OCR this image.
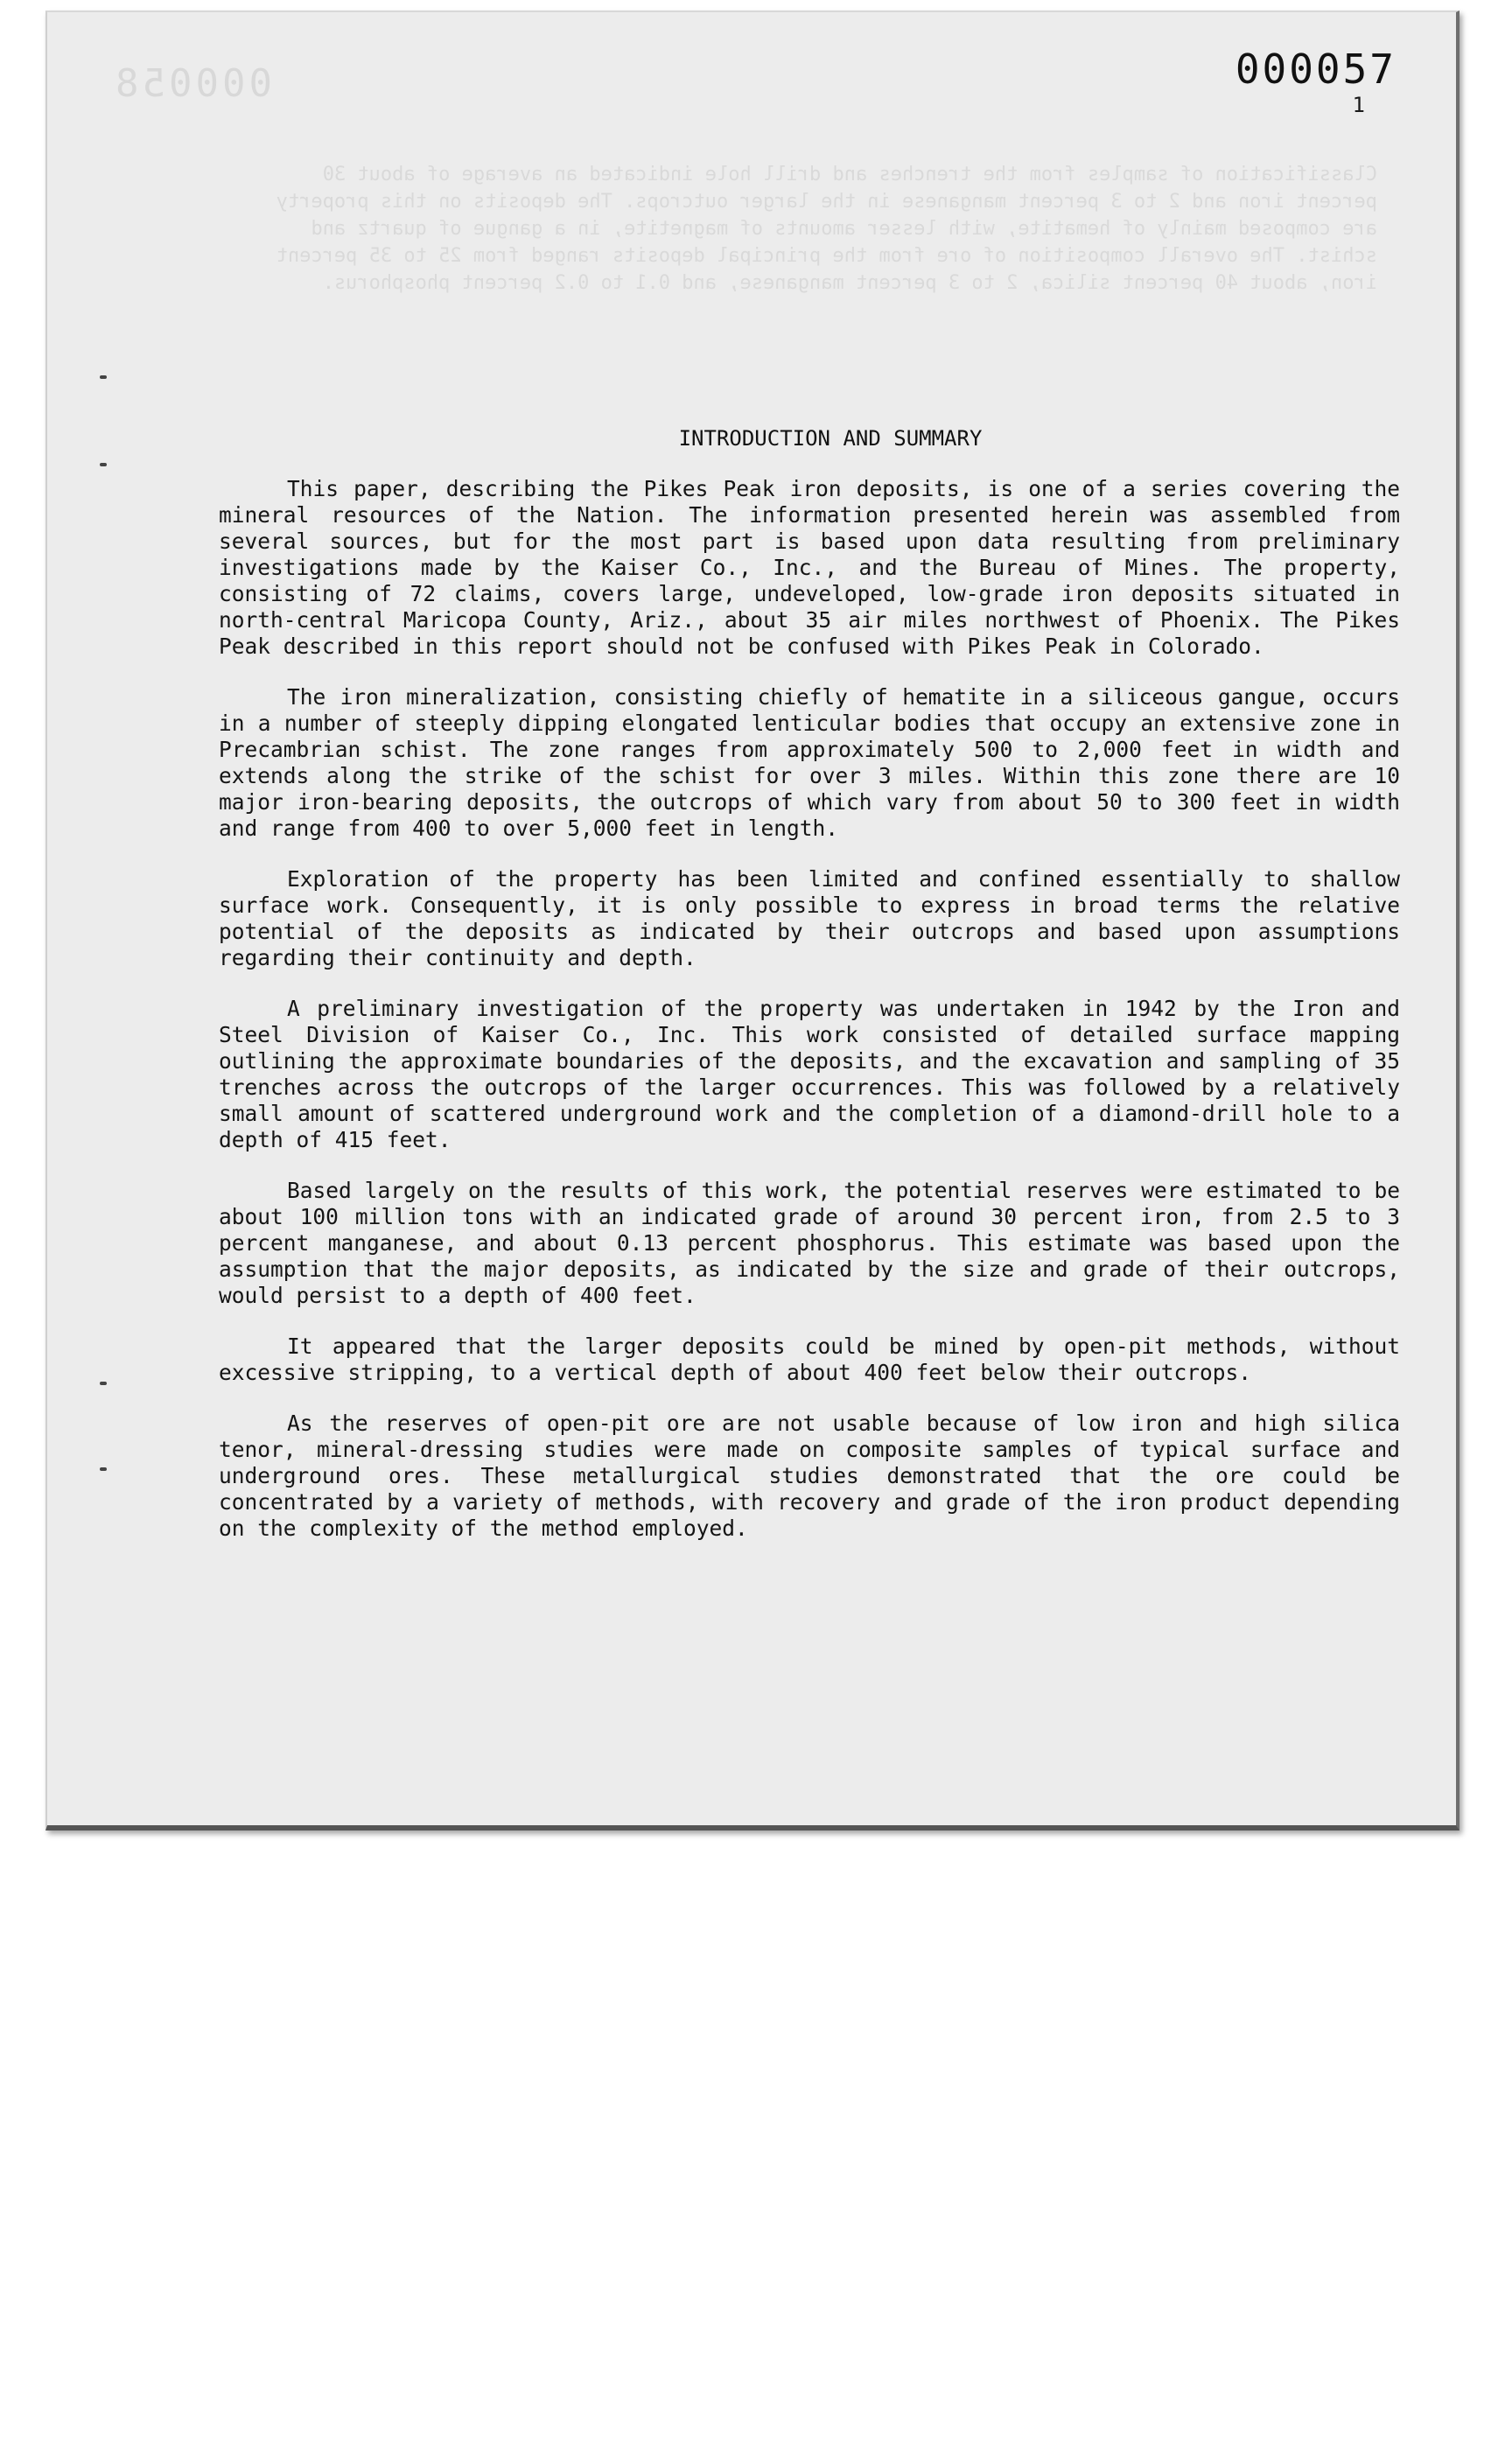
000058
Classification of samples from the trenches and drill hole indicated an average of about 30 percent iron and 2 to 3 percent manganese in the larger outcrops. The deposits on this property are composed mainly of hematite, with lesser amounts of magnetite, in a gangue of quartz and schist. The overall composition of ore from the principal deposits ranged from 25 to 35 percent iron, about 40 percent silica, 2 to 3 percent manganese, and 0.1 to 0.2 percent phosphorus.
000057
1
INTRODUCTION AND SUMMARY

This paper, describing the Pikes Peak iron deposits, is one of a series covering the mineral resources of the Nation. The information presented herein was assembled from several sources, but for the most part is based upon data resulting from preliminary investigations made by the Kaiser Co., Inc., and the Bureau of Mines. The property, consisting of 72 claims, covers large, undeveloped, low-grade iron deposits situated in north-central Maricopa County, Ariz., about 35 air miles northwest of Phoenix. The Pikes Peak described in this report should not be confused with Pikes Peak in Colorado.

The iron mineralization, consisting chiefly of hematite in a siliceous gangue, occurs in a number of steeply dipping elongated lenticular bodies that occupy an extensive zone in Precambrian schist. The zone ranges from approximately 500 to 2,000 feet in width and extends along the strike of the schist for over 3 miles. Within this zone there are 10 major iron-bearing deposits, the outcrops of which vary from about 50 to 300 feet in width and range from 400 to over 5,000 feet in length.

Exploration of the property has been limited and confined essentially to shallow surface work. Consequently, it is only possible to express in broad terms the relative potential of the deposits as indicated by their outcrops and based upon assumptions regarding their continuity and depth.

A preliminary investigation of the property was undertaken in 1942 by the Iron and Steel Division of Kaiser Co., Inc. This work consisted of detailed surface mapping outlining the approximate boundaries of the deposits, and the excavation and sampling of 35 trenches across the outcrops of the larger occurrences. This was followed by a relatively small amount of scattered underground work and the completion of a diamond-drill hole to a depth of 415 feet.

Based largely on the results of this work, the potential reserves were estimated to be about 100 million tons with an indicated grade of around 30 percent iron, from 2.5 to 3 percent manganese, and about 0.13 percent phosphorus. This estimate was based upon the assumption that the major deposits, as indicated by the size and grade of their outcrops, would persist to a depth of 400 feet.

It appeared that the larger deposits could be mined by open-pit methods, without excessive stripping, to a vertical depth of about 400 feet below their outcrops.

As the reserves of open-pit ore are not usable because of low iron and high silica tenor, mineral-dressing studies were made on composite samples of typical surface and underground ores. These metallurgical studies demonstrated that the ore could be concentrated by a variety of methods, with recovery and grade of the iron product depending on the complexity of the method employed.
